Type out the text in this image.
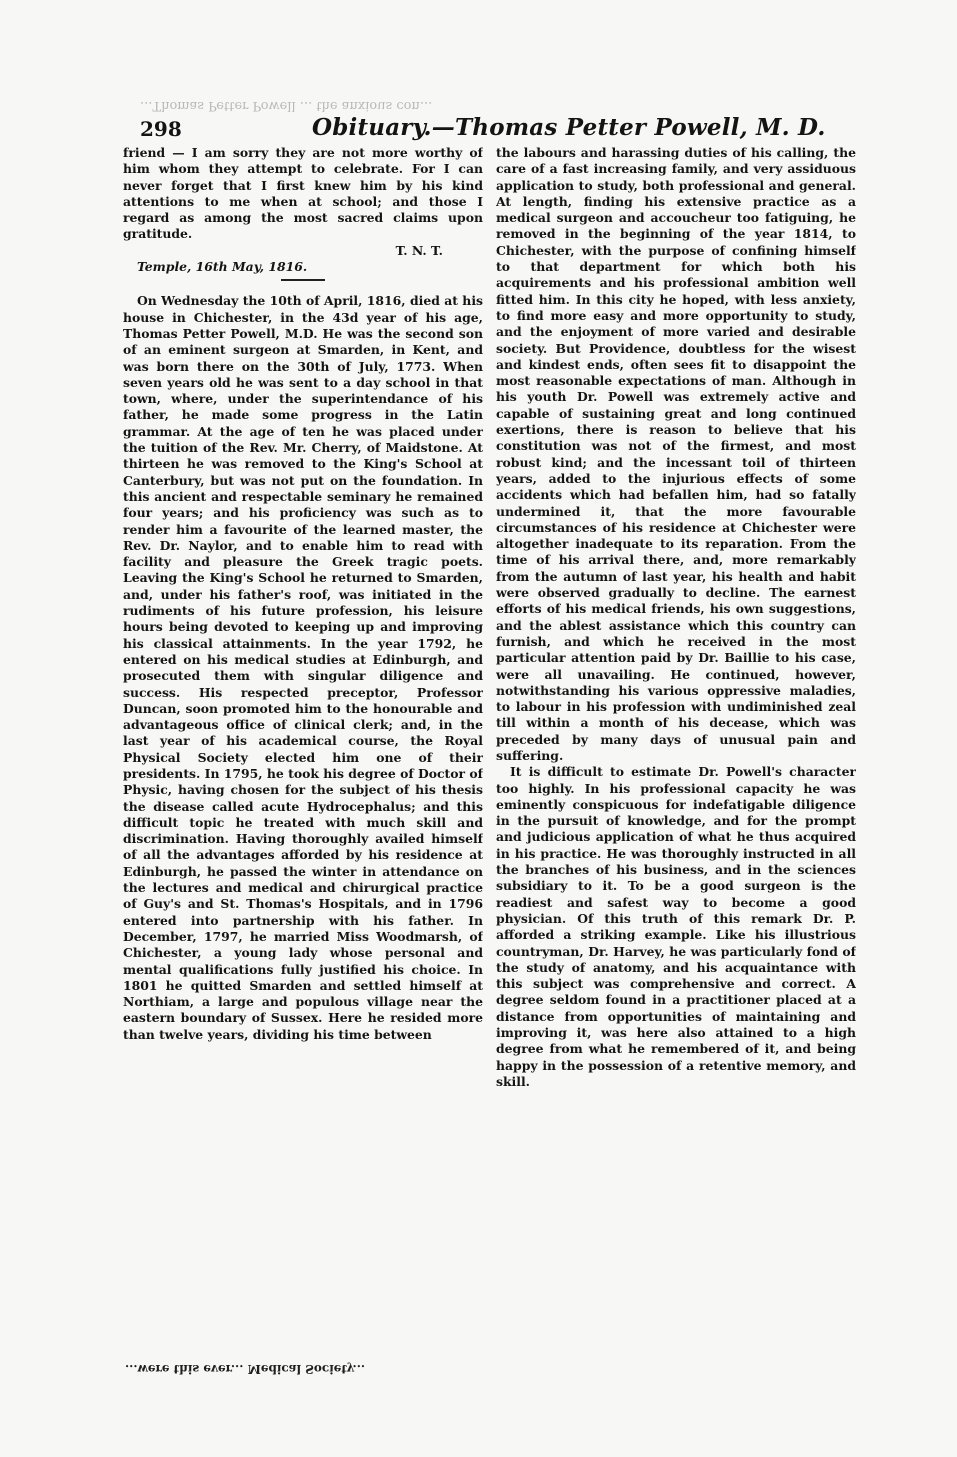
...Thomas Petter Powell ... the anxious con...
298	Obituary.—Thomas Petter Powell, M. D.

friend — I am sorry they are not more worthy of him whom they attempt to celebrate. For I can never forget that I first knew him by his kind attentions to me when at school; and those I regard as among the most sacred claims upon gratitude.

T. N. T.

Temple, 16th May, 1816.

On Wednesday the 10th of April, 1816, died at his house in Chichester, in the 43d year of his age, Thomas Petter Powell, M.D. He was the second son of an eminent surgeon at Smarden, in Kent, and was born there on the 30th of July, 1773. When seven years old he was sent to a day school in that town, where, under the superintendance of his father, he made some progress in the Latin grammar. At the age of ten he was placed under the tuition of the Rev. Mr. Cherry, of Maidstone. At thirteen he was removed to the King's School at Canterbury, but was not put on the foundation. In this ancient and respectable seminary he remained four years; and his proficiency was such as to render him a favourite of the learned master, the Rev. Dr. Naylor, and to enable him to read with facility and pleasure the Greek tragic poets. Leaving the King's School he returned to Smarden, and, under his father's roof, was initiated in the rudiments of his future profession, his leisure hours being devoted to keeping up and improving his classical attainments. In the year 1792, he entered on his medical studies at Edinburgh, and prosecuted them with singular diligence and success. His respected preceptor, Professor Duncan, soon promoted him to the honourable and advantageous office of clinical clerk; and, in the last year of his academical course, the Royal Physical Society elected him one of their presidents. In 1795, he took his degree of Doctor of Physic, having chosen for the subject of his thesis the disease called acute Hydrocephalus; and this difficult topic he treated with much skill and discrimination. Having thoroughly availed himself of all the advantages afforded by his residence at Edinburgh, he passed the winter in attendance on the lectures and medical and chirurgical practice of Guy's and St. Thomas's Hospitals, and in 1796 entered into partnership with his father. In December, 1797, he married Miss Woodmarsh, of Chichester, a young lady whose personal and mental qualifications fully justified his choice. In 1801 he quitted Smarden and settled himself at Northiam, a large and populous village near the eastern boundary of Sussex. Here he resided more than twelve years, dividing his time between

the labours and harassing duties of his calling, the care of a fast increasing family, and very assiduous application to study, both professional and general. At length, finding his extensive practice as a medical surgeon and accoucheur too fatiguing, he removed in the beginning of the year 1814, to Chichester, with the purpose of confining himself to that department for which both his acquirements and his professional ambition well fitted him. In this city he hoped, with less anxiety, to find more easy and more opportunity to study, and the enjoyment of more varied and desirable society. But Providence, doubtless for the wisest and kindest ends, often sees fit to disappoint the most reasonable expectations of man. Although in his youth Dr. Powell was extremely active and capable of sustaining great and long continued exertions, there is reason to believe that his constitution was not of the firmest, and most robust kind; and the incessant toil of thirteen years, added to the injurious effects of some accidents which had befallen him, had so fatally undermined it, that the more favourable circumstances of his residence at Chichester were altogether inadequate to its reparation. From the time of his arrival there, and, more remarkably from the autumn of last year, his health and habit were observed gradually to decline. The earnest efforts of his medical friends, his own suggestions, and the ablest assistance which this country can furnish, and which he received in the most particular attention paid by Dr. Baillie to his case, were all unavailing. He continued, however, notwithstanding his various oppressive maladies, to labour in his profession with undiminished zeal till within a month of his decease, which was preceded by many days of unusual pain and suffering.

It is difficult to estimate Dr. Powell's character too highly. In his professional capacity he was eminently conspicuous for indefatigable diligence in the pursuit of knowledge, and for the prompt and judicious application of what he thus acquired in his practice. He was thoroughly instructed in all the branches of his business, and in the sciences subsidiary to it. To be a good surgeon is the readiest and safest way to become a good physician. Of this truth of this remark Dr. P. afforded a striking example. Like his illustrious countryman, Dr. Harvey, he was particularly fond of the study of anatomy, and his acquaintance with this subject was comprehensive and correct. A degree seldom found in a practitioner placed at a distance from opportunities of maintaining and improving it, was here also attained to a high degree from what he remembered of it, and being happy in the possession of a retentive memory, and skill.

...were this ever... Medical Society...
